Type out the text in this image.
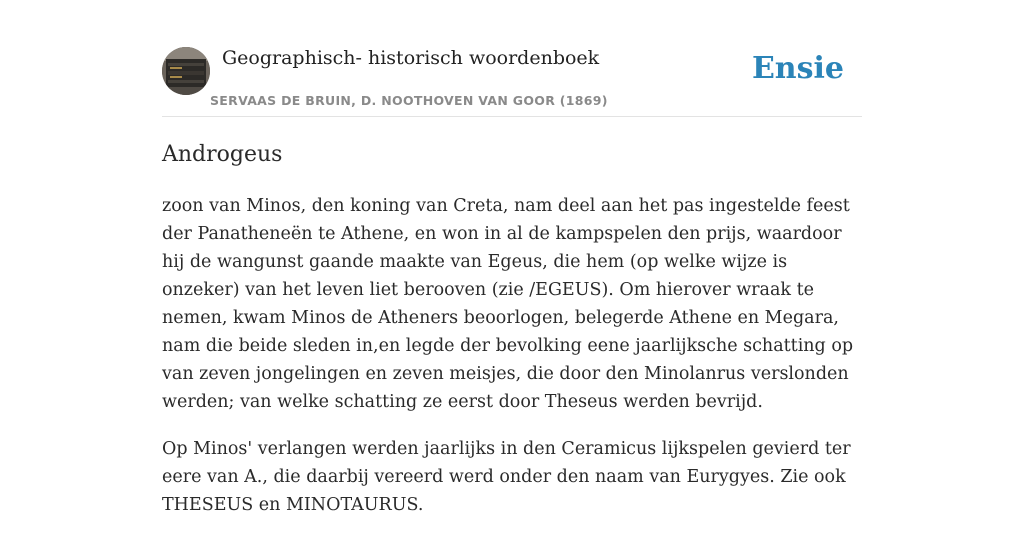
Geographisch- historisch woordenboek
SERVAAS DE BRUIN, D. NOOTHOVEN VAN GOOR (1869)
Ensie
Androgeus

zoon van Minos, den koning van Creta, nam deel aan het pas ingestelde feest der Panatheneën te Athene, en won in al de kampspelen den prijs, waardoor hij de wangunst gaande maakte van Egeus, die hem (op welke wijze is onzeker) van het leven liet berooven (zie /EGEUS). Om hierover wraak te nemen, kwam Minos de Atheners beoorlogen, belegerde Athene en Megara, nam die beide sleden in,en legde der bevolking eene jaarlijksche schatting op van zeven jongelingen en zeven meisjes, die door den Minolanrus verslonden werden; van welke schatting ze eerst door Theseus werden bevrijd.

Op Minos' verlangen werden jaarlijks in den Ceramicus lijkspelen gevierd ter eere van A., die daarbij vereerd werd onder den naam van Eurygyes. Zie ook THESEUS en MINOTAURUS.
